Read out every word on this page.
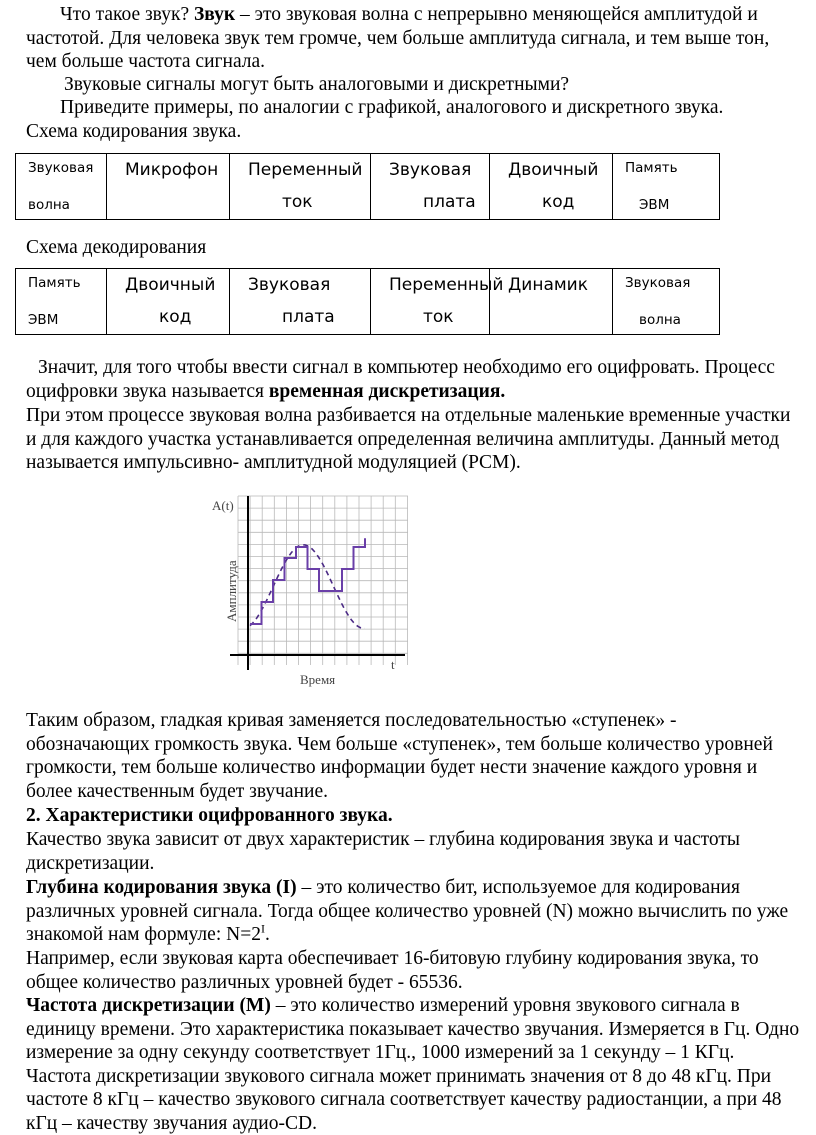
Что такое звук? Звук – это звуковая волна с непрерывно меняющейся амплитудой и частотой. Для человека звук тем громче, чем больше амплитуда сигнала, и тем выше тон, чем больше частота сигнала.

Звуковые сигналы могут быть аналоговыми и дискретными?

Приведите примеры, по аналогии с графикой, аналогового и дискретного звука.

Схема кодирования звука.

Звуковая
волна

Микрофон	Переменный
ток

Звуковая
плата

Двоичный
код

Память
ЭВМ

Схема декодирования

Память
ЭВМ

Двоичный
код

Звуковая
плата

Переменный
ток

Динамик	Звуковая
волна

Значит, для того чтобы ввести сигнал в компьютер необходимо его оцифровать. Процесс оцифровки звука называется временная дискретизация.

При этом процессе звуковая волна разбивается на отдельные маленькие временные участки и для каждого участка устанавливается определенная величина амплитуды. Данный метод называется импульсивно- амплитудной модуляцией (PCM).

A(t)
t
Время
Амплитуда

Таким образом, гладкая кривая заменяется последовательностью «ступенек» - обозначающих громкость звука. Чем больше «ступенек», тем больше количество уровней громкости, тем больше количество информации будет нести значение каждого уровня и более качественным будет звучание.

2. Характеристики оцифрованного звука.

Качество звука зависит от двух характеристик – глубина кодирования звука и частоты дискретизации.

Глубина кодирования звука (I) – это количество бит, используемое для кодирования различных уровней сигнала. Тогда общее количество уровней (N) можно вычислить по уже знакомой нам формуле: $N=2^I$.

Например, если звуковая карта обеспечивает 16-битовую глубину кодирования звука, то общее количество различных уровней будет - 65536.

Частота дискретизации (M) – это количество измерений уровня звукового сигнала в единицу времени. Это характеристика показывает качество звучания. Измеряется в Гц. Одно измерение за одну секунду соответствует 1Гц., 1000 измерений за 1 секунду – 1 КГц. Частота дискретизации звукового сигнала может принимать значения от 8 до 48 кГц. При частоте 8 кГц – качество звукового сигнала соответствует качеству радиостанции, а при 48 кГц – качеству звучания аудио-CD.
